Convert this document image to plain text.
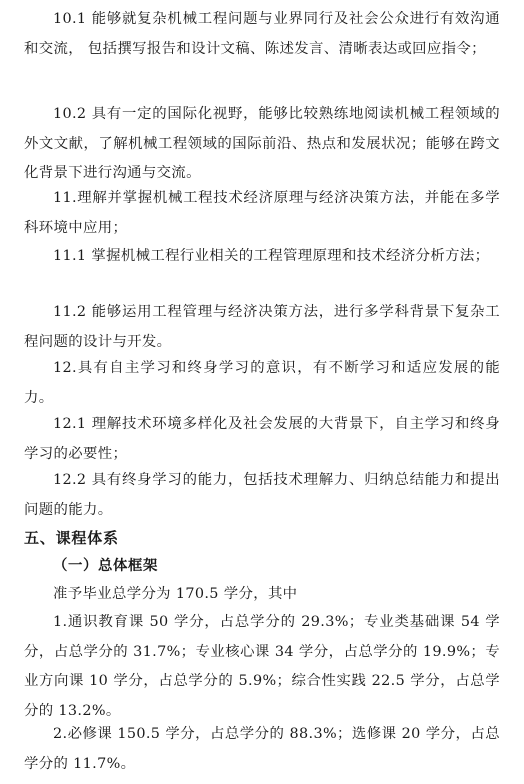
10.1 能够就复杂机械工程问题与业界同行及社会公众进行有效沟通和交流， 包括撰写报告和设计文稿、陈述发言、清晰表达或回应指令；

10.2 具有一定的国际化视野，能够比较熟练地阅读机械工程领域的外文文献，了解机械工程领域的国际前沿、热点和发展状况；能够在跨文化背景下进行沟通与交流。

11.理解并掌握机械工程技术经济原理与经济决策方法，并能在多学科环境中应用；

11.1 掌握机械工程行业相关的工程管理原理和技术经济分析方法；

11.2 能够运用工程管理与经济决策方法，进行多学科背景下复杂工程问题的设计与开发。

12.具有自主学习和终身学习的意识，有不断学习和适应发展的能力。

12.1 理解技术环境多样化及社会发展的大背景下，自主学习和终身学习的必要性；

12.2 具有终身学习的能力，包括技术理解力、归纳总结能力和提出问题的能力。

五、课程体系
（一）总体框架

准予毕业总学分为 170.5 学分，其中

1.通识教育课 50 学分，占总学分的 29.3%；专业类基础课 54 学分，占总学分的 31.7%；专业核心课 34 学分，占总学分的 19.9%；专业方向课 10 学分，占总学分的 5.9%；综合性实践 22.5 学分，占总学分的 13.2%。

2.必修课 150.5 学分，占总学分的 88.3%；选修课 20 学分，占总学分的 11.7%。
